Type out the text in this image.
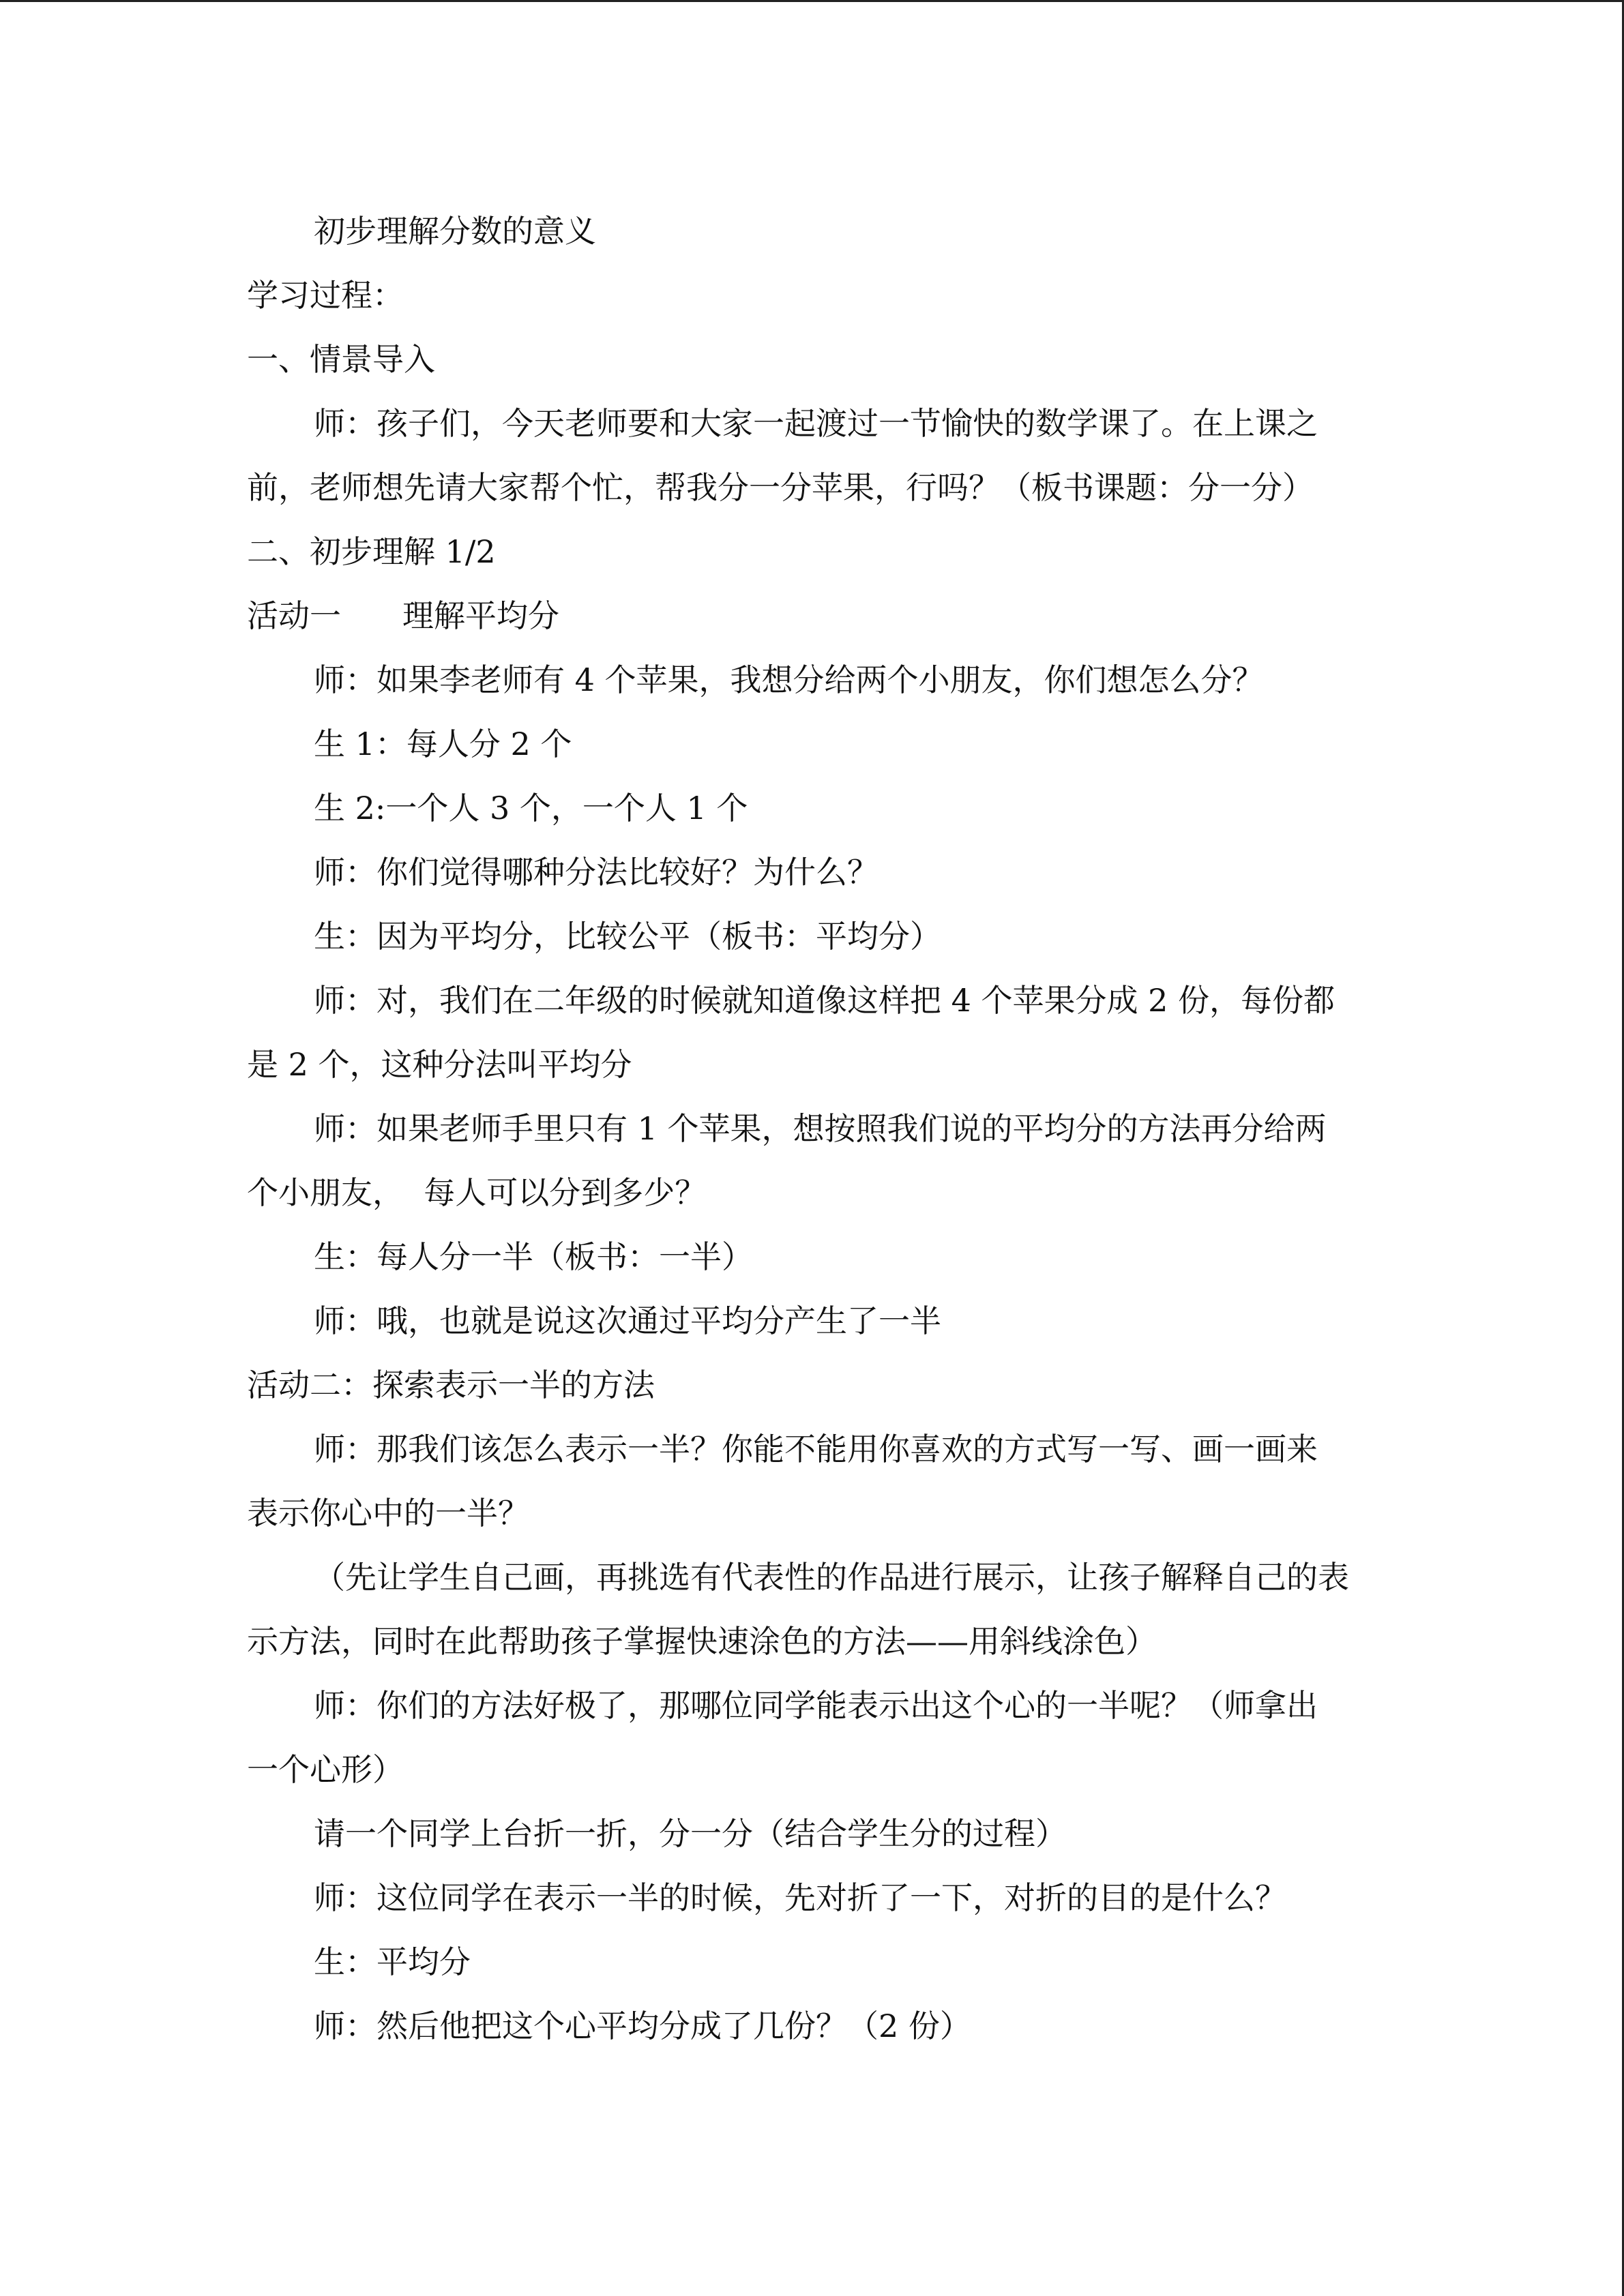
初步理解分数的意义

学习过程：

一、情景导入

师：孩子们，今天老师要和大家一起渡过一节愉快的数学课了。在上课之

前，老师想先请大家帮个忙，帮我分一分苹果，行吗？（板书课题：分一分）

二、初步理解 1/2

活动一 理解平均分

师：如果李老师有 4 个苹果，我想分给两个小朋友，你们想怎么分？

生 1：每人分 2 个

生 2:一个人 3 个，一个人 1 个

师：你们觉得哪种分法比较好？为什么？

生：因为平均分，比较公平（板书：平均分）

师：对，我们在二年级的时候就知道像这样把 4 个苹果分成 2 份，每份都

是 2 个，这种分法叫平均分

师：如果老师手里只有 1 个苹果，想按照我们说的平均分的方法再分给两

个小朋友，  每人可以分到多少？

生：每人分一半（板书：一半）

师：哦，也就是说这次通过平均分产生了一半

活动二：探索表示一半的方法

师：那我们该怎么表示一半？你能不能用你喜欢的方式写一写、画一画来

表示你心中的一半？

（先让学生自己画，再挑选有代表性的作品进行展示，让孩子解释自己的表

示方法，同时在此帮助孩子掌握快速涂色的方法——用斜线涂色）

师：你们的方法好极了，那哪位同学能表示出这个心的一半呢？（师拿出

一个心形）

请一个同学上台折一折，分一分（结合学生分的过程）

师：这位同学在表示一半的时候，先对折了一下，对折的目的是什么？

生：平均分

师：然后他把这个心平均分成了几份？（2 份）
